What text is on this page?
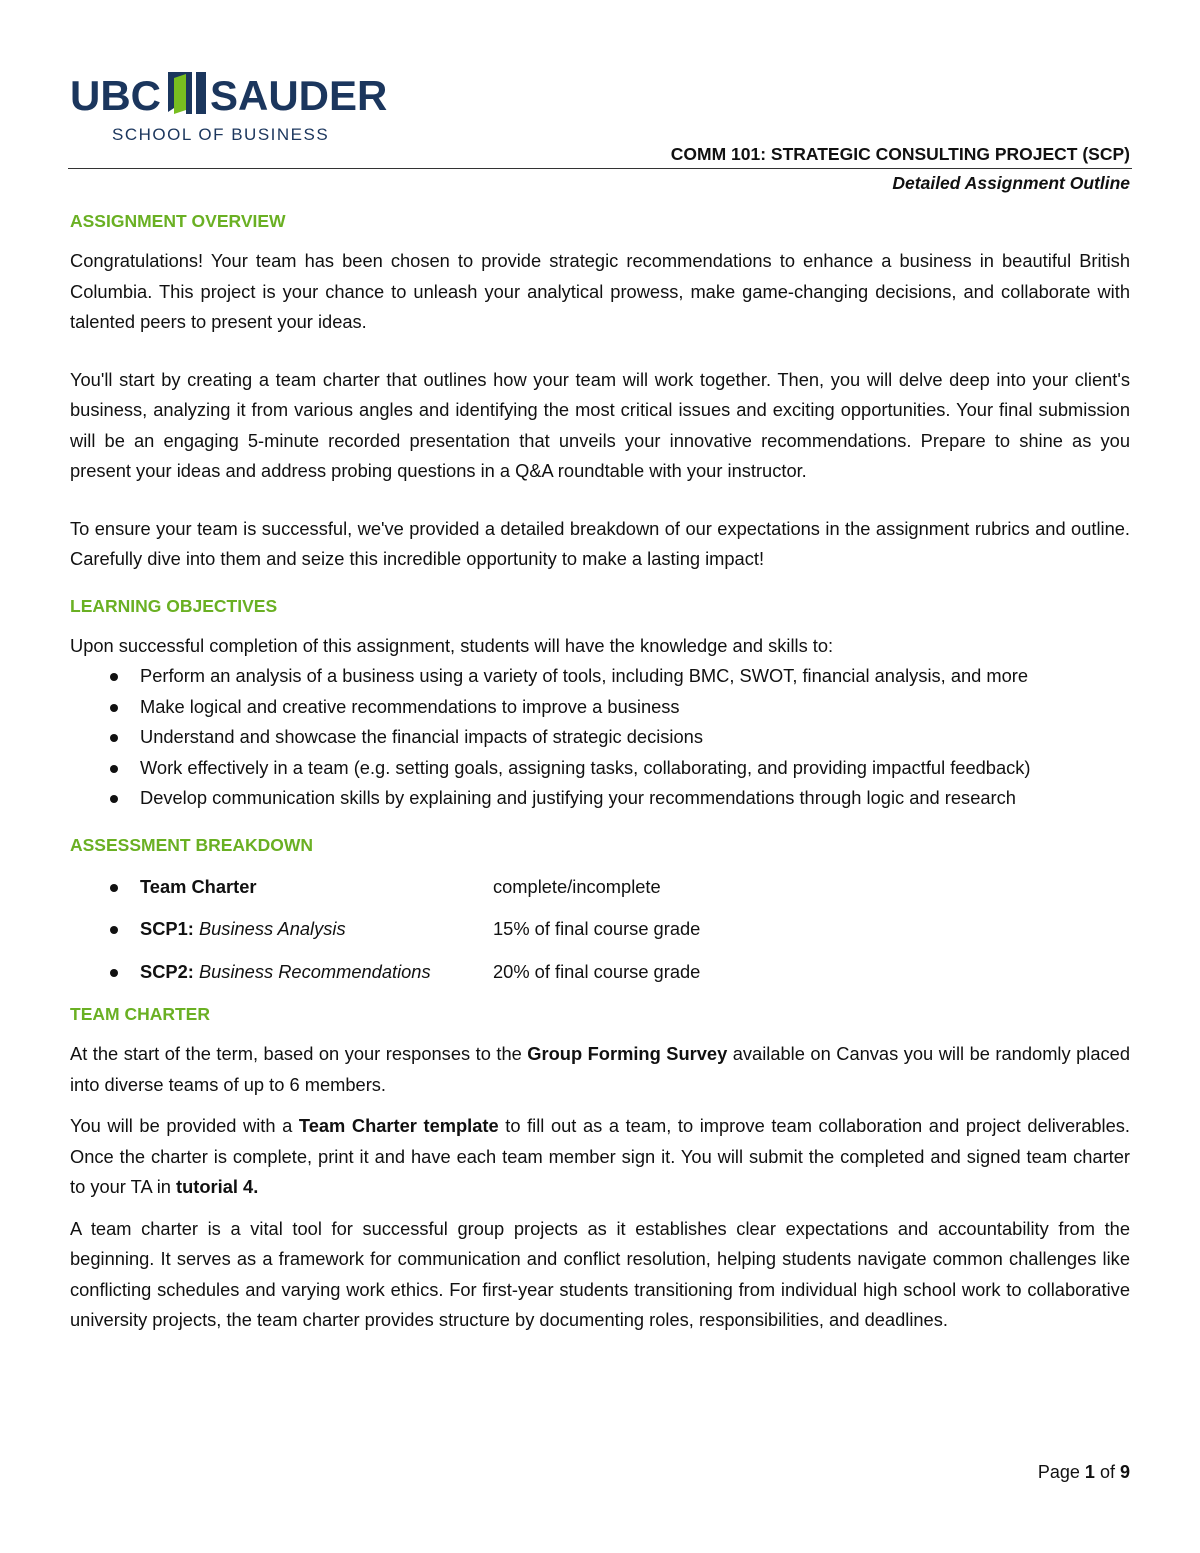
UBC SAUDER
SCHOOL OF BUSINESS
COMM 101: STRATEGIC CONSULTING PROJECT (SCP)
Detailed Assignment Outline
ASSIGNMENT OVERVIEW

Congratulations! Your team has been chosen to provide strategic recommendations to enhance a business in beautiful British Columbia. This project is your chance to unleash your analytical prowess, make game-changing decisions, and collaborate with talented peers to present your ideas.

You'll start by creating a team charter that outlines how your team will work together. Then, you will delve deep into your client's business, analyzing it from various angles and identifying the most critical issues and exciting opportunities. Your final submission will be an engaging 5-minute recorded presentation that unveils your innovative recommendations. Prepare to shine as you present your ideas and address probing questions in a Q&A roundtable with your instructor.

To ensure your team is successful, we've provided a detailed breakdown of our expectations in the assignment rubrics and outline. Carefully dive into them and seize this incredible opportunity to make a lasting impact!

LEARNING OBJECTIVES

Upon successful completion of this assignment, students will have the knowledge and skills to:

Perform an analysis of a business using a variety of tools, including BMC, SWOT, financial analysis, and more
Make logical and creative recommendations to improve a business
Understand and showcase the financial impacts of strategic decisions
Work effectively in a team (e.g. setting goals, assigning tasks, collaborating, and providing impactful feedback)
Develop communication skills by explaining and justifying your recommendations through logic and research
ASSESSMENT BREAKDOWN
Team Charter	complete/incomplete
SCP1: Business Analysis	15% of final course grade
SCP2: Business Recommendations	20% of final course grade
TEAM CHARTER

At the start of the term, based on your responses to the Group Forming Survey available on Canvas you will be randomly placed into diverse teams of up to 6 members.

You will be provided with a Team Charter template to fill out as a team, to improve team collaboration and project deliverables. Once the charter is complete, print it and have each team member sign it. You will submit the completed and signed team charter to your TA in tutorial 4.

A team charter is a vital tool for successful group projects as it establishes clear expectations and accountability from the beginning. It serves as a framework for communication and conflict resolution, helping students navigate common challenges like conflicting schedules and varying work ethics. For first-year students transitioning from individual high school work to collaborative university projects, the team charter provides structure by documenting roles, responsibilities, and deadlines.

Page 1 of 9
